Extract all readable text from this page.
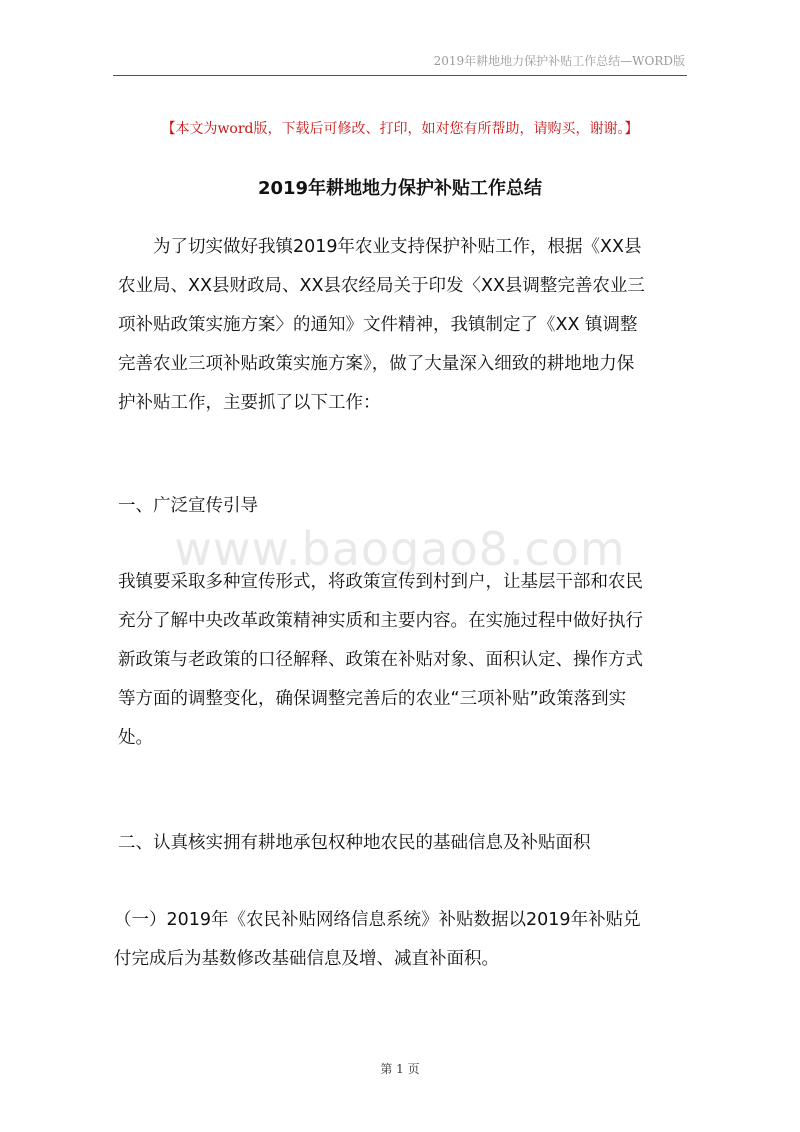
2019年耕地地力保护补贴工作总结—WORD版
【本文为word版，下载后可修改、打印，如对您有所帮助，请购买，谢谢。】
2019年耕地地力保护补贴工作总结
为了切实做好我镇2019年农业支持保护补贴工作，根据《XX县
农业局、XX县财政局、XX县农经局关于印发〈XX县调整完善农业三
项补贴政策实施方案〉的通知》文件精神，我镇制定了《XX 镇调整
完善农业三项补贴政策实施方案》，做了大量深入细致的耕地地力保
护补贴工作，主要抓了以下工作：
一、广泛宣传引导
www.baogao8.com
我镇要采取多种宣传形式，将政策宣传到村到户，让基层干部和农民
充分了解中央改革政策精神实质和主要内容。在实施过程中做好执行
新政策与老政策的口径解释、政策在补贴对象、面积认定、操作方式
等方面的调整变化，确保调整完善后的农业“三项补贴”政策落到实
处。
二、认真核实拥有耕地承包权种地农民的基础信息及补贴面积
（一）2019年《农民补贴网络信息系统》补贴数据以2019年补贴兑
付完成后为基数修改基础信息及增、减直补面积。
第 1 页
